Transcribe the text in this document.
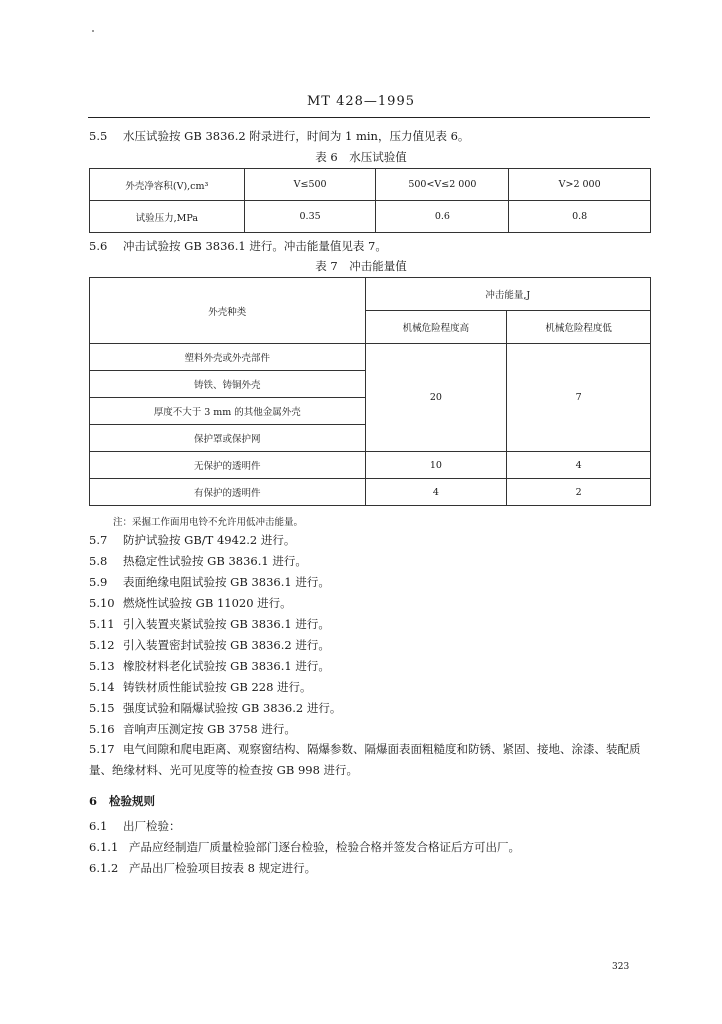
MT 428—1995
5.5 水压试验按 GB 3836.2 附录进行，时间为 1 min，压力值见表 6。
表 6　水压试验值
外壳净容积(V),cm³	V≤500	500<V≤2 000	V>2 000
试验压力,MPa	0.35	0.6	0.8
5.6 冲击试验按 GB 3836.1 进行。冲击能量值见表 7。
表 7　冲击能量值
外壳种类	冲击能量,J	
	机械危险程度高	机械危险程度低
塑料外壳或外壳部件	20	7
铸铁、铸铜外壳		
厚度不大于 3 mm 的其他金属外壳		
保护罩或保护网		
无保护的透明件	10	4
有保护的透明件	4	2
注：采掘工作面用电铃不允许用低冲击能量。
5.7 防护试验按 GB/T 4942.2 进行。
5.8 热稳定性试验按 GB 3836.1 进行。
5.9 表面绝缘电阻试验按 GB 3836.1 进行。
5.10 燃烧性试验按 GB 11020 进行。
5.11 引入装置夹紧试验按 GB 3836.1 进行。
5.12 引入装置密封试验按 GB 3836.2 进行。
5.13 橡胶材料老化试验按 GB 3836.1 进行。
5.14 铸铁材质性能试验按 GB 228 进行。
5.15 强度试验和隔爆试验按 GB 3836.2 进行。
5.16 音响声压测定按 GB 3758 进行。
5.17 电气间隙和爬电距离、观察窗结构、隔爆参数、隔爆面表面粗糙度和防锈、紧固、接地、涂漆、装配质量、绝缘材料、光可见度等的检查按 GB 998 进行。
6 检验规则
6.1 出厂检验：
6.1.1 产品应经制造厂质量检验部门逐台检验，检验合格并签发合格证后方可出厂。
6.1.2 产品出厂检验项目按表 8 规定进行。
323
